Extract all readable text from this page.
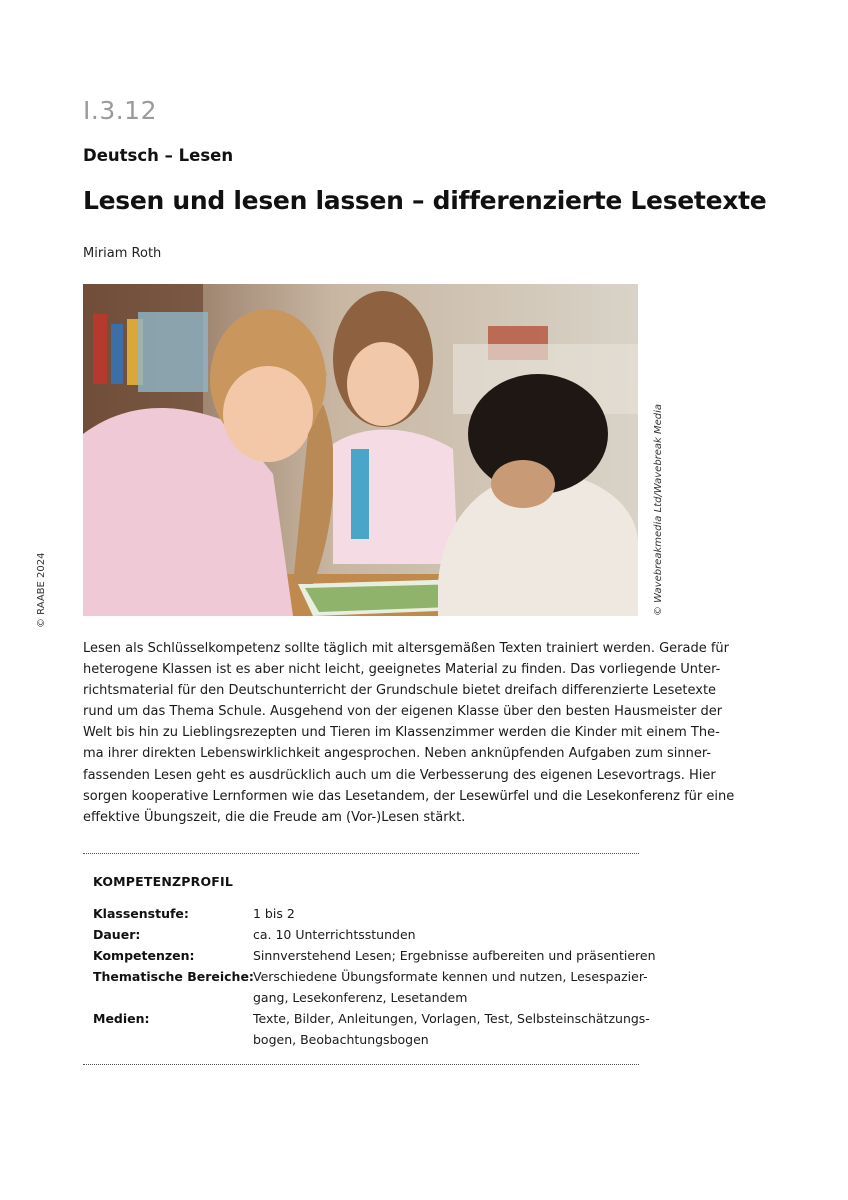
I.3.12
Deutsch – Lesen
Lesen und lesen lassen – differenzierte Lesetexte
Miriam Roth
© Wavebreakmedia Ltd/Wavebreak Media
© RAABE 2024
Lesen als Schlüsselkompetenz sollte täglich mit altersgemäßen Texten trainiert werden. Gerade für
heterogene Klassen ist es aber nicht leicht, geeignetes Material zu finden. Das vorliegende Unter-
richtsmaterial für den Deutschunterricht der Grundschule bietet dreifach differenzierte Lesetexte
rund um das Thema Schule. Ausgehend von der eigenen Klasse über den besten Hausmeister der
Welt bis hin zu Lieblingsrezepten und Tieren im Klassenzimmer werden die Kinder mit einem The-
ma ihrer direkten Lebenswirklichkeit angesprochen. Neben anknüpfenden Aufgaben zum sinner-
fassenden Lesen geht es ausdrücklich auch um die Verbesserung des eigenen Lesevortrags. Hier
sorgen kooperative Lernformen wie das Lesetandem, der Lesewürfel und die Lesekonferenz für eine
effektive Übungszeit, die die Freude am (Vor-)Lesen stärkt.
KOMPETENZPROFIL
Klassenstufe:	1 bis 2
Dauer:	ca. 10 Unterrichtsstunden
Kompetenzen:	Sinnverstehend Lesen; Ergebnisse aufbereiten und präsentieren
Thematische Bereiche: Verschiedene Übungsformate kennen und nutzen, Lesespazier-
gang, Lesekonferenz, Lesetandem
Medien:	Texte, Bilder, Anleitungen, Vorlagen, Test, Selbsteinschätzungs-
bogen, Beobachtungsbogen
